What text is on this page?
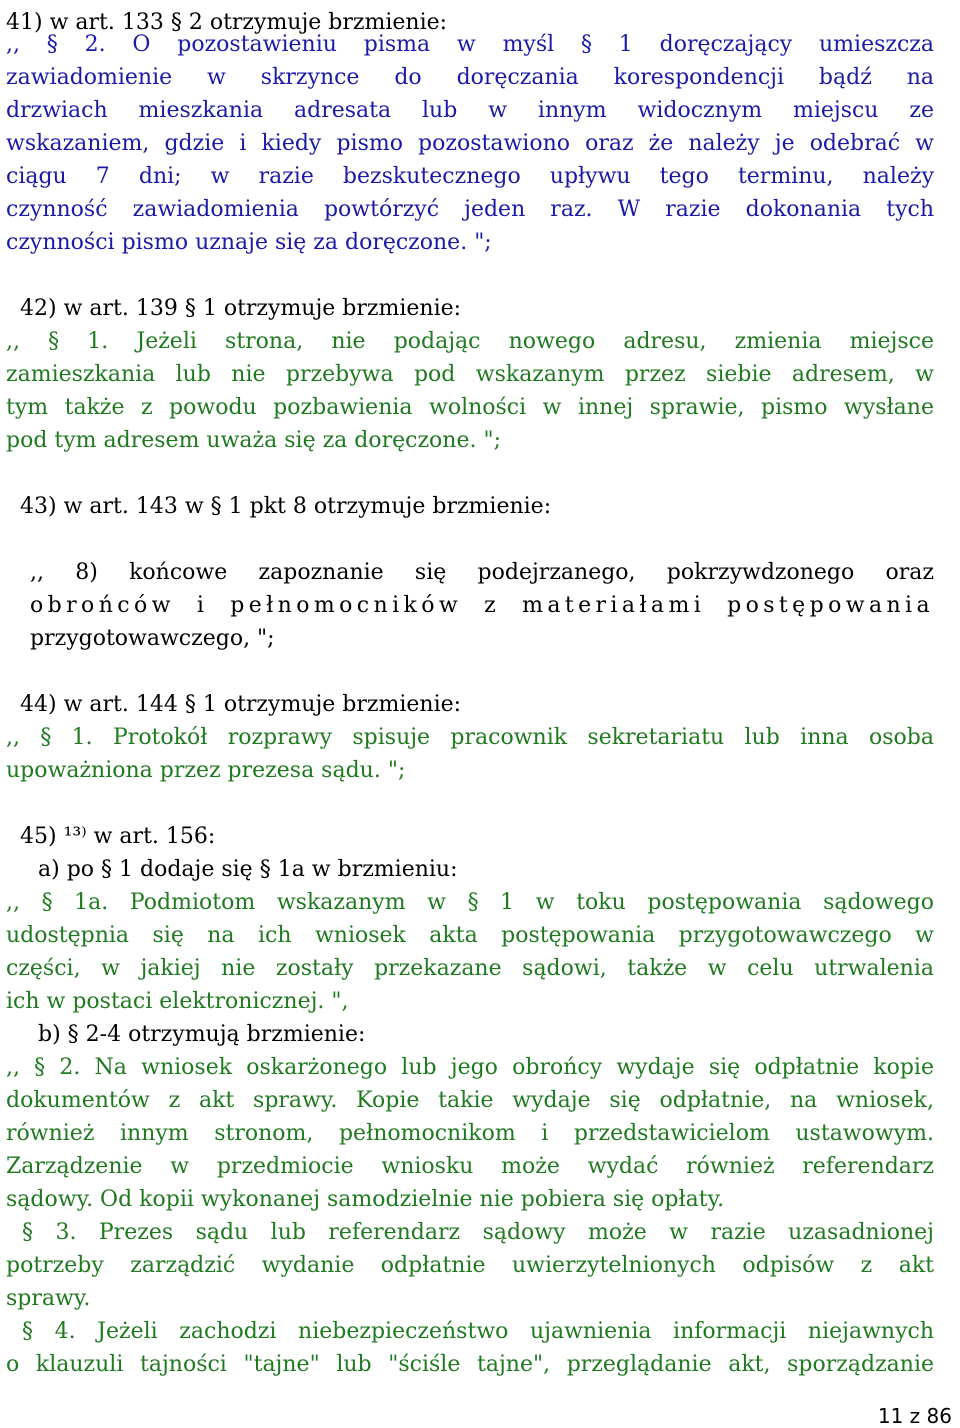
41) w art. 133 § 2 otrzymuje brzmienie:
,, § 2. O pozostawieniu pisma w myśl § 1 doręczający umieszcza
zawiadomienie w skrzynce do doręczania korespondencji bądź na
drzwiach mieszkania adresata lub w innym widocznym miejscu ze
wskazaniem, gdzie i kiedy pismo pozostawiono oraz że należy je odebrać w
ciągu 7 dni; w razie bezskutecznego upływu tego terminu, należy
czynność zawiadomienia powtórzyć jeden raz. W razie dokonania tych
czynności pismo uznaje się za doręczone. ";
42) w art. 139 § 1 otrzymuje brzmienie:
,, § 1. Jeżeli strona, nie podając nowego adresu, zmienia miejsce
zamieszkania lub nie przebywa pod wskazanym przez siebie adresem, w
tym także z powodu pozbawienia wolności w innej sprawie, pismo wysłane
pod tym adresem uważa się za doręczone. ";
43) w art. 143 w § 1 pkt 8 otrzymuje brzmienie:
,, 8) końcowe zapoznanie się podejrzanego, pokrzywdzonego oraz
obrońców i pełnomocników z materiałami postępowania
przygotowawczego, ";
44) w art. 144 § 1 otrzymuje brzmienie:
,, § 1. Protokół rozprawy spisuje pracownik sekretariatu lub inna osoba
upoważniona przez prezesa sądu. ";
45) ¹³⁾ w art. 156:
a) po § 1 dodaje się § 1a w brzmieniu:
,, § 1a. Podmiotom wskazanym w § 1 w toku postępowania sądowego
udostępnia się na ich wniosek akta postępowania przygotowawczego w
części, w jakiej nie zostały przekazane sądowi, także w celu utrwalenia
ich w postaci elektronicznej. ",
b) § 2-4 otrzymują brzmienie:
,, § 2. Na wniosek oskarżonego lub jego obrońcy wydaje się odpłatnie kopie
dokumentów z akt sprawy. Kopie takie wydaje się odpłatnie, na wniosek,
również innym stronom, pełnomocnikom i przedstawicielom ustawowym.
Zarządzenie w przedmiocie wniosku może wydać również referendarz
sądowy. Od kopii wykonanej samodzielnie nie pobiera się opłaty.
§ 3. Prezes sądu lub referendarz sądowy może w razie uzasadnionej
potrzeby zarządzić wydanie odpłatnie uwierzytelnionych odpisów z akt
sprawy.
§ 4. Jeżeli zachodzi niebezpieczeństwo ujawnienia informacji niejawnych
o klauzuli tajności "tajne" lub "ściśle tajne", przeglądanie akt, sporządzanie
11 z 86
